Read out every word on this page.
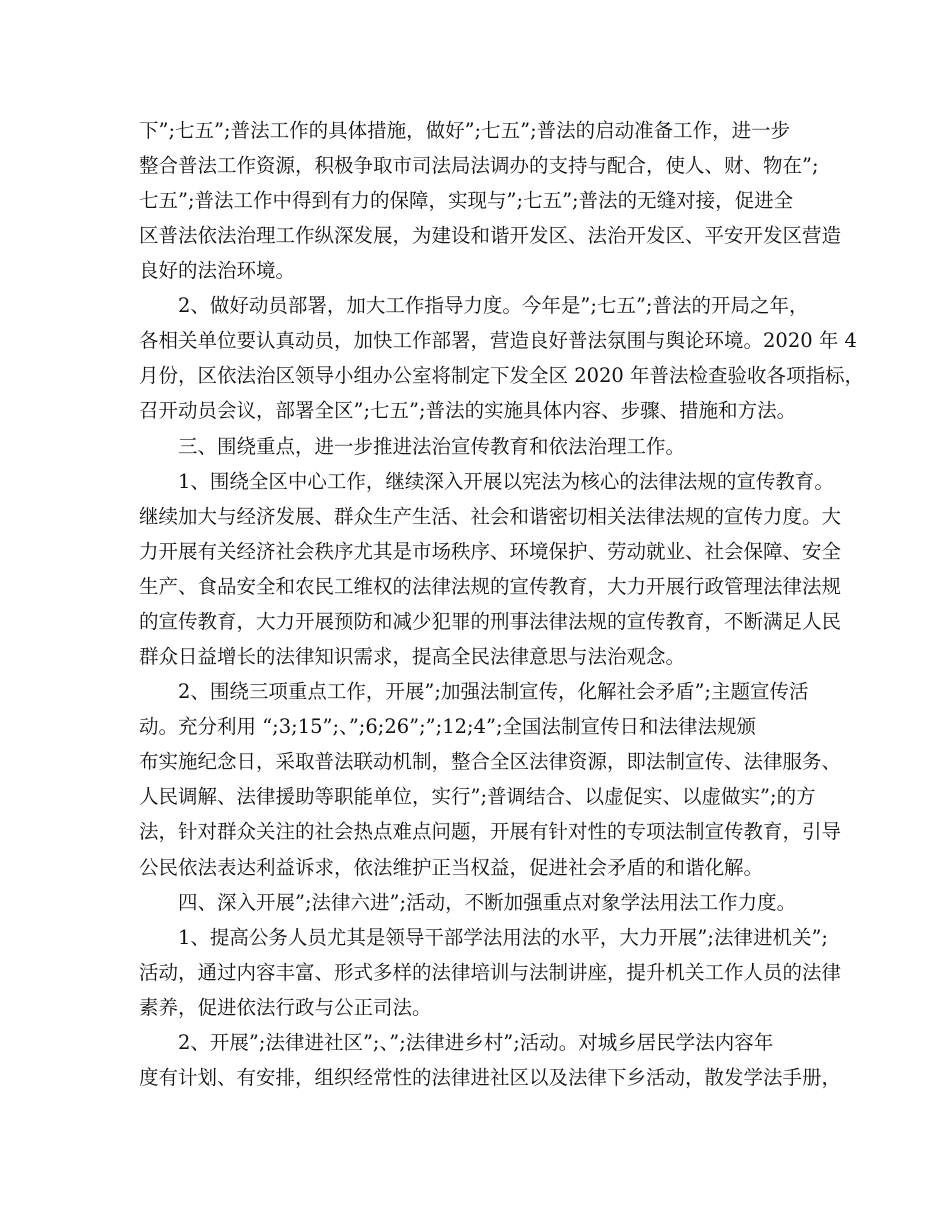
下”;七五”;普法工作的具体措施，做好”;七五”;普法的启动准备工作，进一步
整合普法工作资源，积极争取市司法局法调办的支持与配合，使人、财、物在”;
七五”;普法工作中得到有力的保障，实现与”;七五”;普法的无缝对接，促进全
区普法依法治理工作纵深发展，为建设和谐开发区、法治开发区、平安开发区营造
良好的法治环境。
2、做好动员部署，加大工作指导力度。今年是”;七五”;普法的开局之年，
各相关单位要认真动员，加快工作部署，营造良好普法氛围与舆论环境。2020 年 4
月份，区依法治区领导小组办公室将制定下发全区 2020 年普法检查验收各项指标，
召开动员会议，部署全区”;七五”;普法的实施具体内容、步骤、措施和方法。
三、围绕重点，进一步推进法治宣传教育和依法治理工作。
1、围绕全区中心工作，继续深入开展以宪法为核心的法律法规的宣传教育。
继续加大与经济发展、群众生产生活、社会和谐密切相关法律法规的宣传力度。大
力开展有关经济社会秩序尤其是市场秩序、环境保护、劳动就业、社会保障、安全
生产、食品安全和农民工维权的法律法规的宣传教育，大力开展行政管理法律法规
的宣传教育，大力开展预防和减少犯罪的刑事法律法规的宣传教育，不断满足人民
群众日益增长的法律知识需求，提高全民法律意思与法治观念。
2、围绕三项重点工作，开展”;加强法制宣传，化解社会矛盾”;主题宣传活
动。充分利用 “;3;15”;、”;6;26”;”;12;4”;全国法制宣传日和法律法规颁
布实施纪念日，采取普法联动机制，整合全区法律资源，即法制宣传、法律服务、
人民调解、法律援助等职能单位，实行”;普调结合、以虚促实、以虚做实”;的方
法，针对群众关注的社会热点难点问题，开展有针对性的专项法制宣传教育，引导
公民依法表达利益诉求，依法维护正当权益，促进社会矛盾的和谐化解。
四、深入开展”;法律六进”;活动，不断加强重点对象学法用法工作力度。
1、提高公务人员尤其是领导干部学法用法的水平，大力开展”;法律进机关”;
活动，通过内容丰富、形式多样的法律培训与法制讲座，提升机关工作人员的法律
素养，促进依法行政与公正司法。
2、开展”;法律进社区”;、”;法律进乡村”;活动。对城乡居民学法内容年
度有计划、有安排，组织经常性的法律进社区以及法律下乡活动，散发学法手册，
